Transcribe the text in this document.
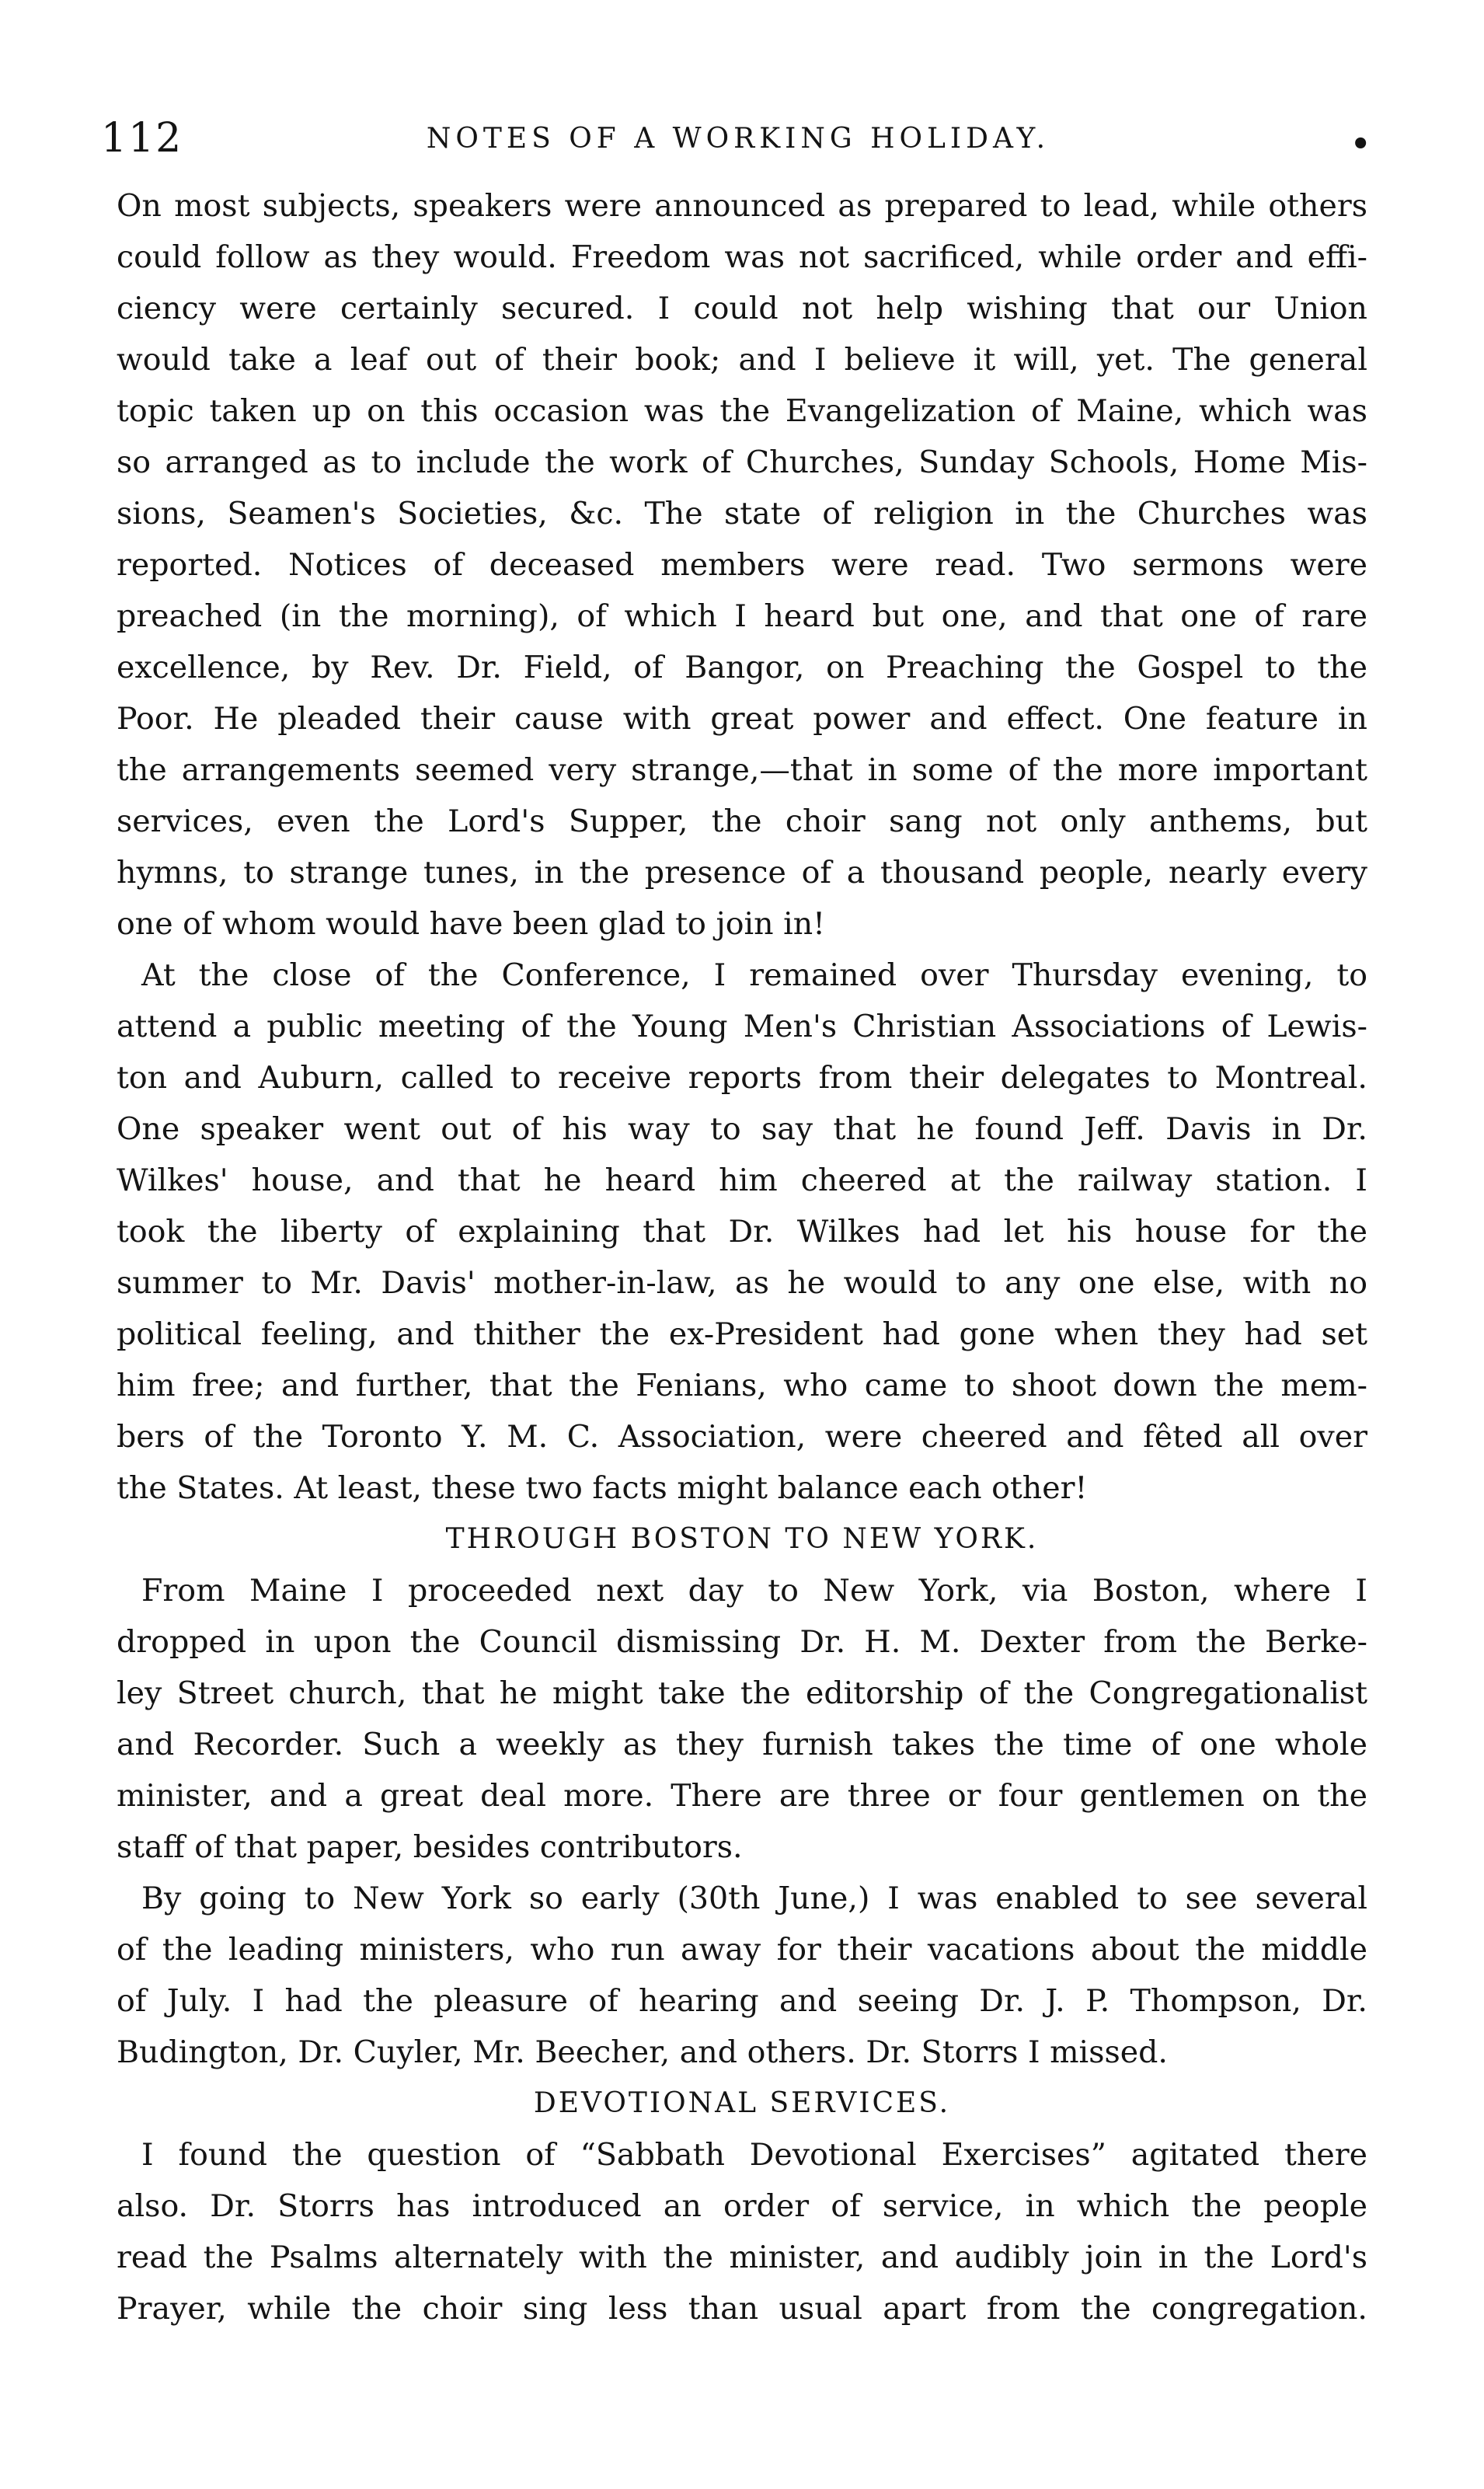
112	NOTES OF A WORKING HOLIDAY.	•
On most subjects, speakers were announced as prepared to lead, while others
could follow as they would. Freedom was not sacrificed, while order and effi-
ciency were certainly secured. I could not help wishing that our Union
would take a leaf out of their book; and I believe it will, yet. The general
topic taken up on this occasion was the Evangelization of Maine, which was
so arranged as to include the work of Churches, Sunday Schools, Home Mis-
sions, Seamen's Societies, &c. The state of religion in the Churches was
reported. Notices of deceased members were read. Two sermons were
preached (in the morning), of which I heard but one, and that one of rare
excellence, by Rev. Dr. Field, of Bangor, on Preaching the Gospel to the
Poor. He pleaded their cause with great power and effect. One feature in
the arrangements seemed very strange,—that in some of the more important
services, even the Lord's Supper, the choir sang not only anthems, but
hymns, to strange tunes, in the presence of a thousand people, nearly every
one of whom would have been glad to join in!
At the close of the Conference, I remained over Thursday evening, to
attend a public meeting of the Young Men's Christian Associations of Lewis-
ton and Auburn, called to receive reports from their delegates to Montreal.
One speaker went out of his way to say that he found Jeff. Davis in Dr.
Wilkes' house, and that he heard him cheered at the railway station. I
took the liberty of explaining that Dr. Wilkes had let his house for the
summer to Mr. Davis' mother-in-law, as he would to any one else, with no
political feeling, and thither the ex-President had gone when they had set
him free; and further, that the Fenians, who came to shoot down the mem-
bers of the Toronto Y. M. C. Association, were cheered and fêted all over
the States. At least, these two facts might balance each other!
THROUGH BOSTON TO NEW YORK.
From Maine I proceeded next day to New York, via Boston, where I
dropped in upon the Council dismissing Dr. H. M. Dexter from the Berke-
ley Street church, that he might take the editorship of the Congregationalist
and Recorder. Such a weekly as they furnish takes the time of one whole
minister, and a great deal more. There are three or four gentlemen on the
staff of that paper, besides contributors.
By going to New York so early (30th June,) I was enabled to see several
of the leading ministers, who run away for their vacations about the middle
of July. I had the pleasure of hearing and seeing Dr. J. P. Thompson, Dr.
Budington, Dr. Cuyler, Mr. Beecher, and others. Dr. Storrs I missed.
DEVOTIONAL SERVICES.
I found the question of “Sabbath Devotional Exercises” agitated there
also. Dr. Storrs has introduced an order of service, in which the people
read the Psalms alternately with the minister, and audibly join in the Lord's
Prayer, while the choir sing less than usual apart from the congregation.
